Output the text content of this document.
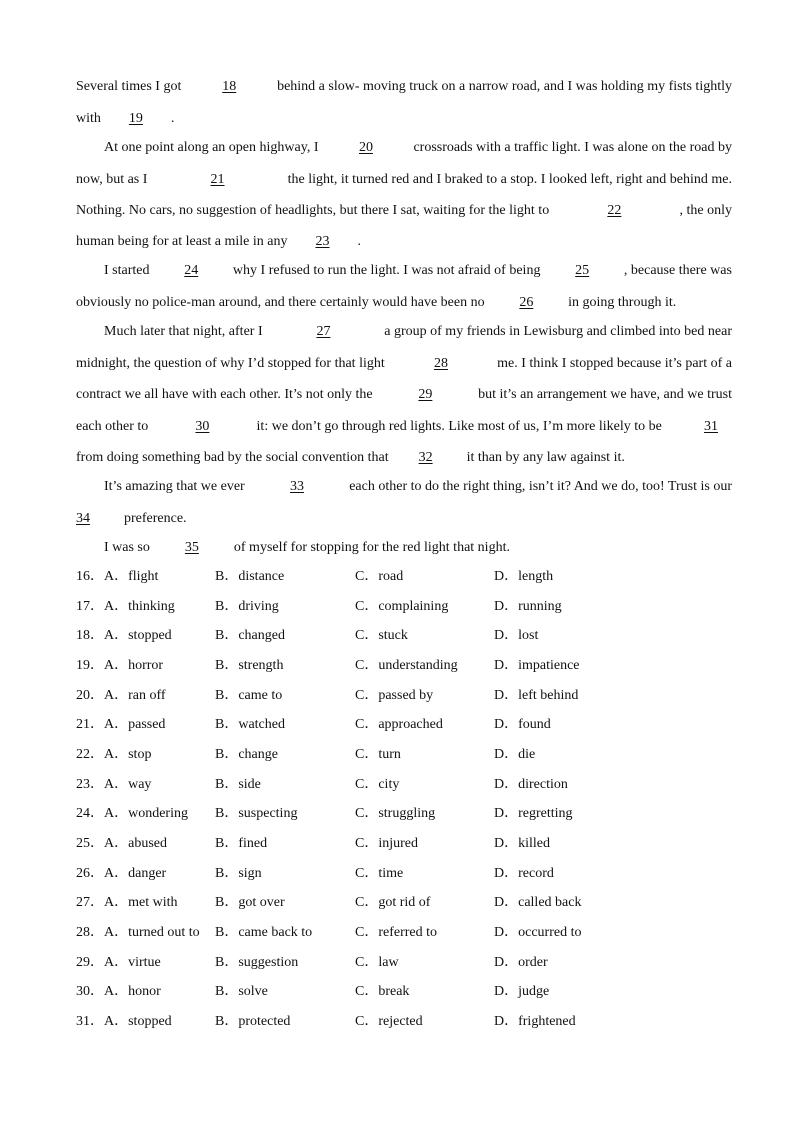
Several times I got	18	behind a slow- moving truck on a narrow road, and I was holding my fists tightly
with 19 .
At one point along an open highway, I	20	crossroads with a traffic light. I was alone on the road by
now, but as I	21	the light, it turned red and I braked to a stop. I looked left, right and behind me.
Nothing. No cars, no suggestion of headlights, but there I sat, waiting for the light to	22	, the only
human being for at least a mile in any 23 .
I started	24	why I refused to run the light. I was not afraid of being	25	, because there was
obviously no police-man around, and there certainly would have been no	26	in going through it.
Much later that night, after I	27	a group of my friends in Lewisburg and climbed into bed near
midnight, the question of why I’d stopped for that light	28	me. I think I stopped because it’s part of a
contract we all have with each other. It’s not only the	29	but it’s an arrangement we have, and we trust
each other to	30	it: we don’t go through red lights. Like most of us, I’m more likely to be	31
from doing something bad by the social convention that 32 it than by any law against it.
It’s amazing that we ever	33	each other to do the right thing, isn’t it? And we do, too! Trust is our
34 preference.
I was so	35	of myself for stopping for the red light that night.
16． A．flight	B．distance	C．road	D．length
17． A．thinking	B．driving	C．complaining	D．running
18． A．stopped	B．changed	C．stuck	D．lost
19． A．horror	B．strength	C．understanding	D．impatience
20． A．ran off	B．came to	C．passed by	D．left behind
21． A．passed	B．watched	C．approached	D．found
22． A．stop	B．change	C．turn	D．die
23． A．way	B．side	C．city	D．direction
24． A．wondering B．suspecting	C．struggling	D．regretting
25． A．abused	B．fined	C．injured	D．killed
26． A．danger	B．sign	C．time	D．record
27． A．met with	B．got over	C．got rid of	D．called back
28． A．turned out to B．came back to	C．referred to	D．occurred to
29． A．virtue	B．suggestion	C．law	D．order
30． A．honor	B．solve	C．break	D．judge
31． A．stopped	B．protected	C．rejected	D．frightened
